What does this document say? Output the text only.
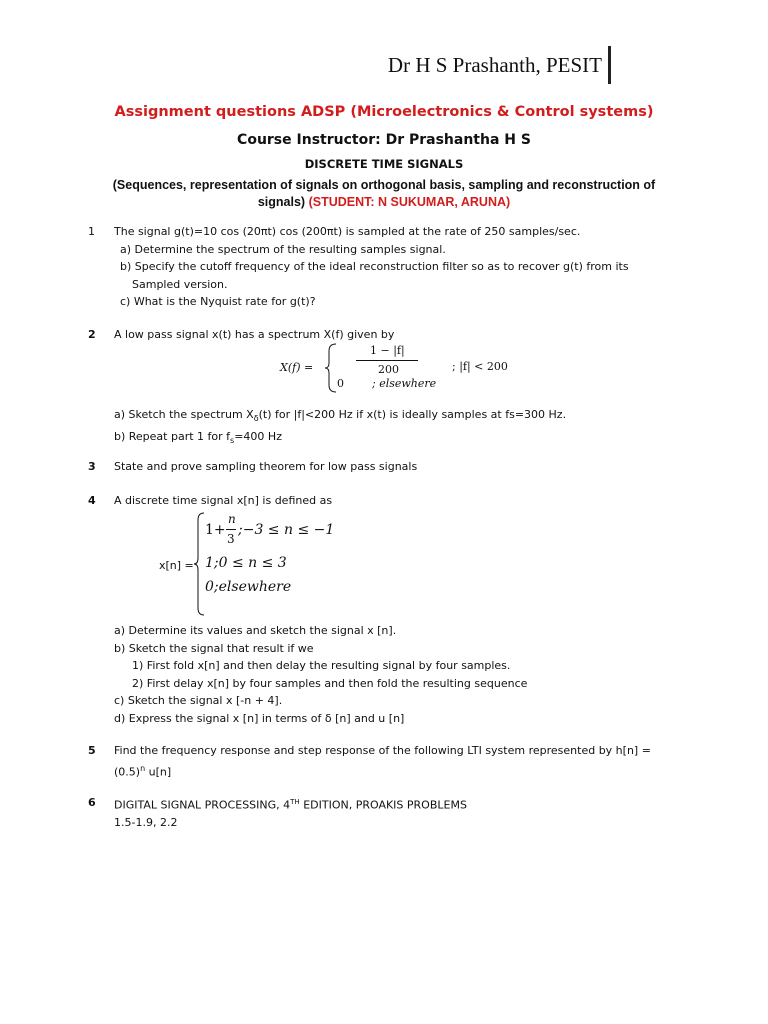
Dr H S Prashanth, PESIT
Assignment questions ADSP (Microelectronics & Control systems)
Course Instructor: Dr Prashantha H S
DISCRETE TIME SIGNALS
(Sequences, representation of signals on orthogonal basis, sampling and reconstruction of signals) (STUDENT: N SUKUMAR, ARUNA)
1	The signal g(t)=10 cos (20πt) cos (200πt) is sampled at the rate of 250 samples/sec.
a) Determine the spectrum of the resulting samples signal.
b) Specify the cutoff frequency of the ideal reconstruction filter so as to recover g(t) from its
Sampled version.
c) What is the Nyquist rate for g(t)?
2	A low pass signal x(t) has a spectrum X(f) given by
X(f) =
1 − |f|
200	; |f| < 200
0	; elsewhere
a) Sketch the spectrum $X_\delta(t)$ for |f|<200 Hz if x(t) is ideally samples at fs=300 Hz.
b) Repeat part 1 for $f_s=400$ Hz
3	State and prove sampling theorem for low pass signals
4	A discrete time signal x[n] is defined as
x[n] =
1+
n
3
;−3 ≤ n ≤ −1
1;0 ≤ n ≤ 3
0;elsewhere
a) Determine its values and sketch the signal x [n].
b) Sketch the signal that result if we
1) First fold x[n] and then delay the resulting signal by four samples.
2) First delay x[n] by four samples and then fold the resulting sequence
c) Sketch the signal x [-n + 4].
d) Express the signal x [n] in terms of δ [n] and u [n]
5	Find the frequency response and step response of the following LTI system represented by h[n] =
$(0.5)^n$ u[n]
6	DIGITAL SIGNAL PROCESSING, 4TH EDITION, PROAKIS PROBLEMS
1.5-1.9, 2.2
